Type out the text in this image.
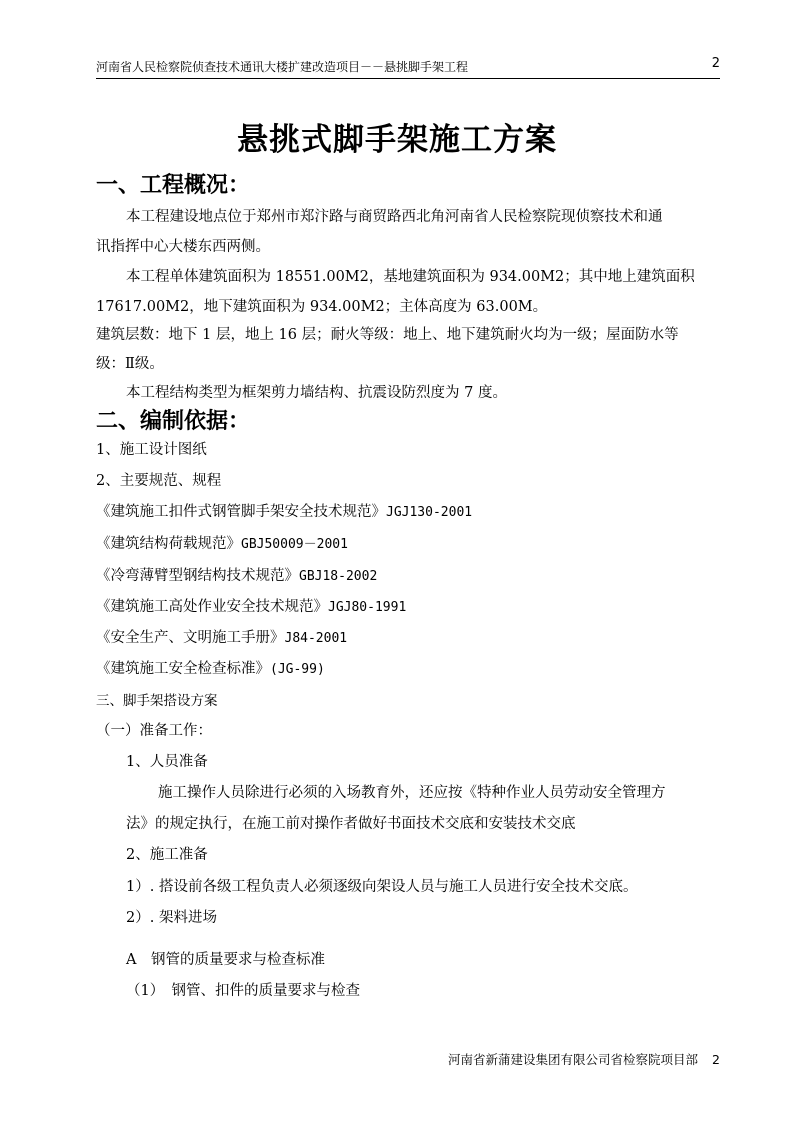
河南省人民检察院侦查技术通讯大楼扩建改造项目－－悬挑脚手架工程	2
悬挑式脚手架施工方案
一、工程概况：
本工程建设地点位于郑州市郑汴路与商贸路西北角河南省人民检察院现侦察技术和通
讯指挥中心大楼东西两侧。
本工程单体建筑面积为 18551.00M2，基地建筑面积为 934.00M2；其中地上建筑面积
17617.00M2，地下建筑面积为 934.00M2；主体高度为 63.00M。
建筑层数：地下 1 层，地上 16 层；耐火等级：地上、地下建筑耐火均为一级；屋面防水等
级：Ⅱ级。
本工程结构类型为框架剪力墙结构、抗震设防烈度为 7 度。
二、编制依据：
1、施工设计图纸
2、主要规范、规程
《建筑施工扣件式钢管脚手架安全技术规范》JGJ130-2001
《建筑结构荷载规范》GBJ50009－2001
《冷弯薄臂型钢结构技术规范》GBJ18-2002
《建筑施工高处作业安全技术规范》JGJ80-1991
《安全生产、文明施工手册》J84-2001
《建筑施工安全检查标准》(JG-99)
三、脚手架搭设方案
（一）准备工作：
1、人员准备
施工操作人员除进行必须的入场教育外，还应按《特种作业人员劳动安全管理方
法》的规定执行，在施工前对操作者做好书面技术交底和安装技术交底
2、施工准备
1）. 搭设前各级工程负责人必须逐级向架设人员与施工人员进行安全技术交底。
2）. 架料进场
A　钢管的质量要求与检查标准
（1）　钢管、扣件的质量要求与检查
河南省新蒲建设集团有限公司省检察院项目部 2
